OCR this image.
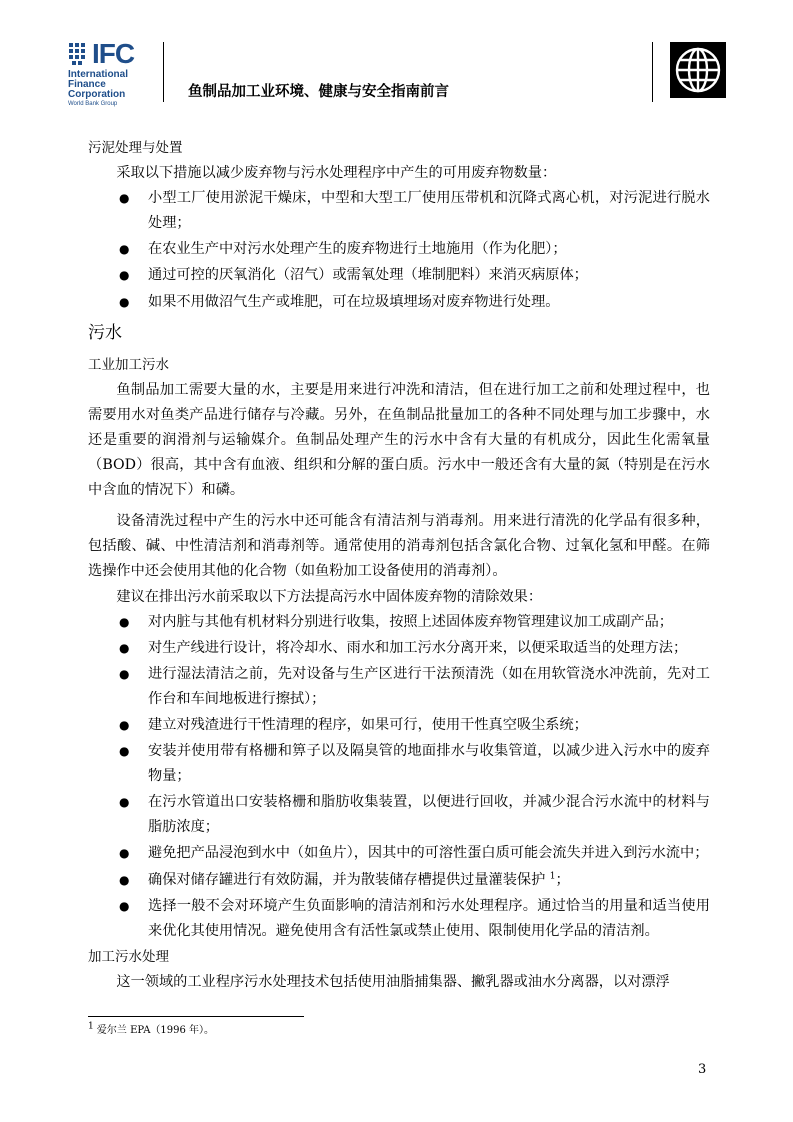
IFC
International
Finance
Corporation
World Bank Group
鱼制品加工业环境、健康与安全指南前言

污泥处理与处置

采取以下措施以减少废弃物与污水处理程序中产生的可用废弃物数量：

● 小型工厂使用淤泥干燥床，中型和大型工厂使用压带机和沉降式离心机，对污泥进行脱水处理；
● 在农业生产中对污水处理产生的废弃物进行土地施用（作为化肥）；
● 通过可控的厌氧消化（沼气）或需氧处理（堆制肥料）来消灭病原体；
● 如果不用做沼气生产或堆肥，可在垃圾填埋场对废弃物进行处理。

污水

工业加工污水

鱼制品加工需要大量的水，主要是用来进行冲洗和清洁，但在进行加工之前和处理过程中，也需要用水对鱼类产品进行储存与冷藏。另外，在鱼制品批量加工的各种不同处理与加工步骤中，水还是重要的润滑剂与运输媒介。鱼制品处理产生的污水中含有大量的有机成分，因此生化需氧量（BOD）很高，其中含有血液、组织和分解的蛋白质。污水中一般还含有大量的氮（特别是在污水中含血的情况下）和磷。

设备清洗过程中产生的污水中还可能含有清洁剂与消毒剂。用来进行清洗的化学品有很多种，包括酸、碱、中性清洁剂和消毒剂等。通常使用的消毒剂包括含氯化合物、过氧化氢和甲醛。在筛选操作中还会使用其他的化合物（如鱼粉加工设备使用的消毒剂）。

建议在排出污水前采取以下方法提高污水中固体废弃物的清除效果：

● 对内脏与其他有机材料分别进行收集，按照上述固体废弃物管理建议加工成副产品；
● 对生产线进行设计，将冷却水、雨水和加工污水分离开来，以便采取适当的处理方法；
● 进行湿法清洁之前，先对设备与生产区进行干法预清洗（如在用软管浇水冲洗前，先对工作台和车间地板进行擦拭）；
● 建立对残渣进行干性清理的程序，如果可行，使用干性真空吸尘系统；
● 安装并使用带有格栅和箅子以及隔臭管的地面排水与收集管道，以减少进入污水中的废弃物量；
● 在污水管道出口安装格栅和脂肪收集装置，以便进行回收，并减少混合污水流中的材料与脂肪浓度；
● 避免把产品浸泡到水中（如鱼片），因其中的可溶性蛋白质可能会流失并进入到污水流中；
● 确保对储存罐进行有效防漏，并为散装储存槽提供过量灌装保护 $^1$；
● 选择一般不会对环境产生负面影响的清洁剂和污水处理程序。通过恰当的用量和适当使用来优化其使用情况。避免使用含有活性氯或禁止使用、限制使用化学品的清洁剂。

加工污水处理

这一领域的工业程序污水处理技术包括使用油脂捕集器、撇乳器或油水分离器，以对漂浮

$^1$ 爱尔兰 EPA（1996 年）。
3
